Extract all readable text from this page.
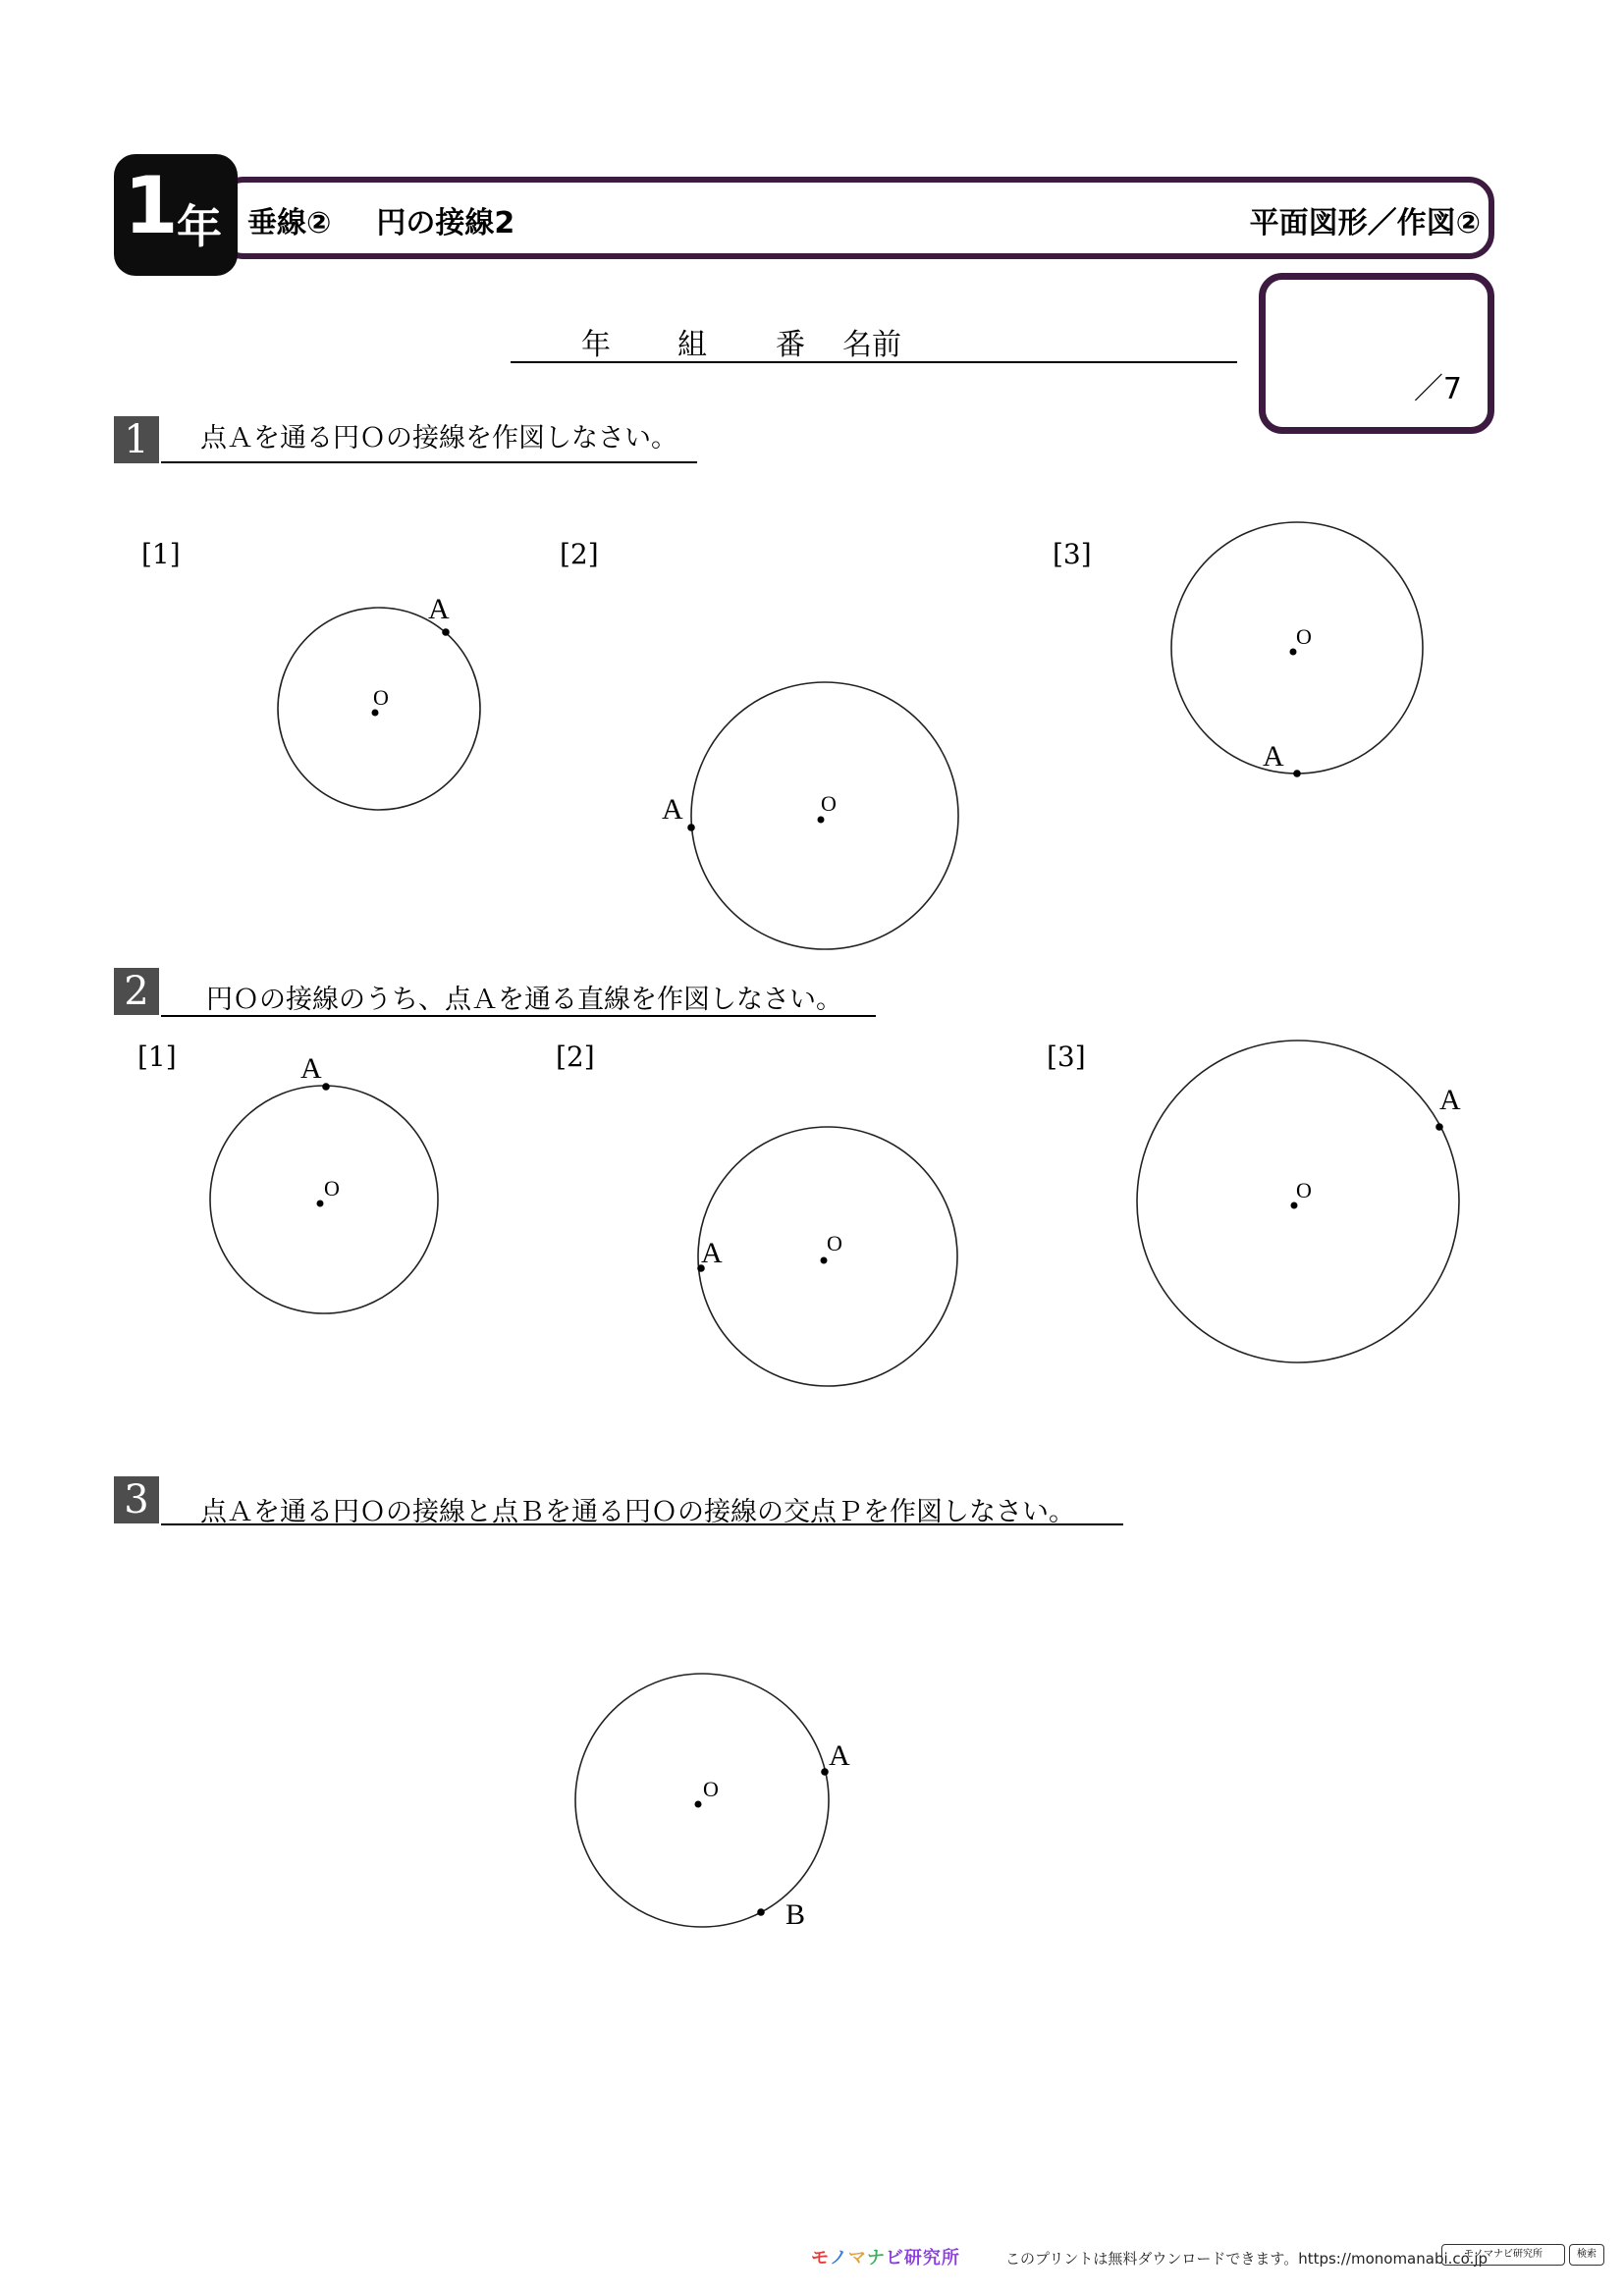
1 年 垂線② 円の接線2	平面図形／作図②
年 組 番 名前
／7
1	点Ａを通る円Ｏの接線を作図しなさい。
[1]	[2]	[3]
2	円Ｏの接線のうち、点Ａを通る直線を作図しなさい。
[1]	[2]	[3]
3	点Ａを通る円Ｏの接線と点Ｂを通る円Ｏの接線の交点Ｐを作図しなさい。
O
A
O
A
O
A
O
A
O
A
O
A
O
A
B
モノマナビ研究所	このプリントは無料ダウンロードできます。https://monomanabi.co.jp
モノマナビ研究所	検索
